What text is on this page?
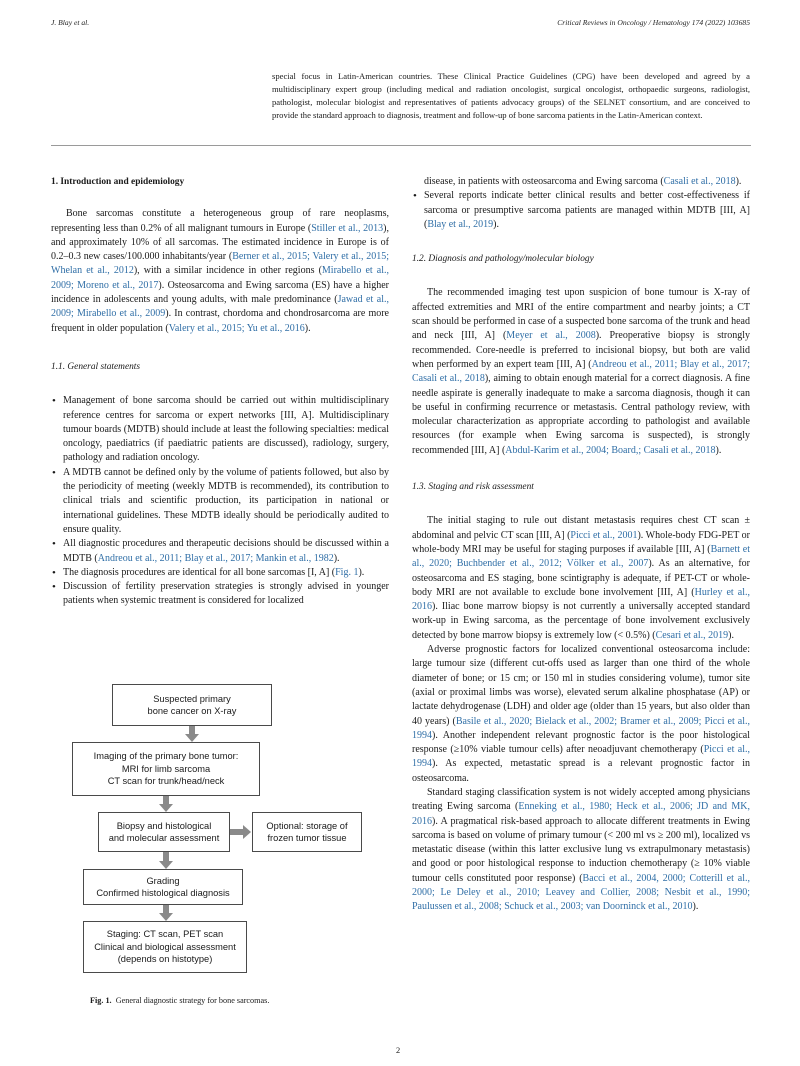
J. Blay et al.	Critical Reviews in Oncology / Hematology 174 (2022) 103685
special focus in Latin-American countries. These Clinical Practice Guidelines (CPG) have been developed and agreed by a multidisciplinary expert group (including medical and radiation oncologist, surgical oncologist, orthopaedic surgeons, radiologist, pathologist, molecular biologist and representatives of patients advocacy groups) of the SELNET consortium, and are conceived to provide the standard approach to diagnosis, treatment and follow-up of bone sarcoma patients in the Latin-American context.
1. Introduction and epidemiology

Bone sarcomas constitute a heterogeneous group of rare neoplasms, representing less than 0.2% of all malignant tumours in Europe (Stiller et al., 2013), and approximately 10% of all sarcomas. The estimated incidence in Europe is of 0.2–0.3 new cases/100.000 inhabitants/year (Berner et al., 2015; Valery et al., 2015; Whelan et al., 2012), with a similar incidence in other regions (Mirabello et al., 2009; Moreno et al., 2017). Osteosarcoma and Ewing sarcoma (ES) have a higher incidence in adolescents and young adults, with male predominance (Jawad et al., 2009; Mirabello et al., 2009). In contrast, chordoma and chondrosarcoma are more frequent in older population (Valery et al., 2015; Yu et al., 2016).

1.1. General statements
• Management of bone sarcoma should be carried out within multidisciplinary reference centres for sarcoma or expert networks [III, A]. Multidisciplinary tumour boards (MDTB) should include at least the following specialties: medical oncology, paediatrics (if paediatric patients are discussed), radiology, surgery, pathology and radiation oncology.
• A MDTB cannot be defined only by the volume of patients followed, but also by the periodicity of meeting (weekly MDTB is recommended), its contribution to clinical trials and scientific production, its participation in national or international guidelines. These MDTB ideally should be periodically audited to ensure quality.
• All diagnostic procedures and therapeutic decisions should be discussed within a MDTB (Andreou et al., 2011; Blay et al., 2017; Mankin et al., 1982).
• The diagnosis procedures are identical for all bone sarcomas [I, A] (Fig. 1).
• Discussion of fertility preservation strategies is strongly advised in younger patients when systemic treatment is considered for localized
Suspected primary
bone cancer on X-ray
Imaging of the primary bone tumor:
MRI for limb sarcoma
CT scan for trunk/head/neck
Biopsy and histological
and molecular assessment
Optional: storage of
frozen tumor tissue
Grading
Confirmed histological diagnosis
Staging: CT scan, PET scan
Clinical and biological assessment
(depends on histotype)
Fig. 1. General diagnostic strategy for bone sarcomas.
disease, in patients with osteosarcoma and Ewing sarcoma (Casali et al., 2018).
• Several reports indicate better clinical results and better cost-effectiveness if sarcoma or presumptive sarcoma patients are managed within MDTB [III, A] (Blay et al., 2019).
1.2. Diagnosis and pathology/molecular biology

The recommended imaging test upon suspicion of bone tumour is X-ray of affected extremities and MRI of the entire compartment and nearby joints; a CT scan should be performed in case of a suspected bone sarcoma of the trunk and head and neck [III, A] (Meyer et al., 2008). Preoperative biopsy is strongly recommended. Core-needle is preferred to incisional biopsy, but both are valid when performed by an expert team [III, A] (Andreou et al., 2011; Blay et al., 2017; Casali et al., 2018), aiming to obtain enough material for a correct diagnosis. A fine needle aspirate is generally inadequate to make a sarcoma diagnosis, though it can be useful in confirming recurrence or metastasis. Central pathology review, with molecular characterization as appropriate according to pathologist and available resources (for example when Ewing sarcoma is suspected), is strongly recommended [III, A] (Abdul-Karim et al., 2004; Board,; Casali et al., 2018).

1.3. Staging and risk assessment

The initial staging to rule out distant metastasis requires chest CT scan ± abdominal and pelvic CT scan [III, A] (Picci et al., 2001). Whole-body FDG-PET or whole-body MRI may be useful for staging purposes if available [III, A] (Barnett et al., 2020; Buchbender et al., 2012; Völker et al., 2007). As an alternative, for osteosarcoma and ES staging, bone scintigraphy is adequate, if PET-CT or whole-body MRI are not available to exclude bone involvement [III, A] (Hurley et al., 2016). Iliac bone marrow biopsy is not currently a universally accepted standard work-up in Ewing sarcoma, as the percentage of bone involvement exclusively detected by bone marrow biopsy is extremely low (< 0.5%) (Cesari et al., 2019).

Adverse prognostic factors for localized conventional osteosarcoma include: large tumour size (different cut-offs used as larger than one third of the whole diameter of bone; or 15 cm; or 150 ml in studies considering volume), tumor site (axial or proximal limbs was worse), elevated serum alkaline phosphatase (AP) or lactate dehydrogenase (LDH) and older age (older than 15 years, but also older than 40 years) (Basile et al., 2020; Bielack et al., 2002; Bramer et al., 2009; Picci et al., 1994). Another independent relevant prognostic factor is the poor histological response (≥10% viable tumour cells) after neoadjuvant chemotherapy (Picci et al., 1994). As expected, metastatic spread is a relevant prognostic factor in osteosarcoma.

Standard staging classification system is not widely accepted among physicians treating Ewing sarcoma (Enneking et al., 1980; Heck et al., 2006; JD and MK, 2016). A pragmatical risk-based approach to allocate different treatments in Ewing sarcoma is based on volume of primary tumour (< 200 ml vs ≥ 200 ml), localized vs metastatic disease (within this latter exclusive lung vs extrapulmonary metastasis) and good or poor histological response to induction chemotherapy (≥ 10% viable tumour cells constituted poor response) (Bacci et al., 2004, 2000; Cotterill et al., 2000; Le Deley et al., 2010; Leavey and Collier, 2008; Nesbit et al., 1990; Paulussen et al., 2008; Schuck et al., 2003; van Doorninck et al., 2010).

2
